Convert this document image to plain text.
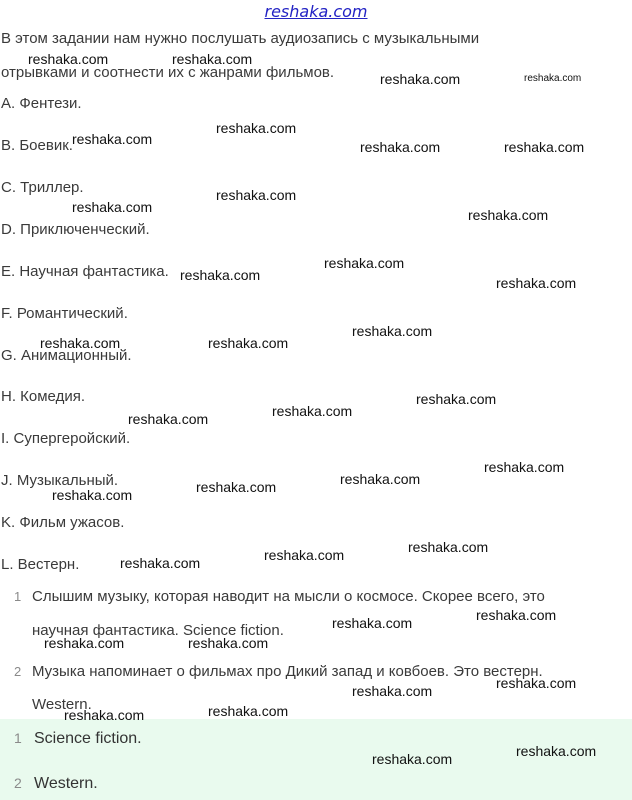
reshaka.com
В этом задании нам нужно послушать аудиозапись с музыкальными
отрывками и соотнести их с жанрами фильмов.
A. Фентези.
B. Боевик.
C. Триллер.
D. Приключенческий.
E. Научная фантастика.
F. Романтический.
G. Анимационный.
H. Комедия.
I. Супергеройский.
J. Музыкальный.
K. Фильм ужасов.
L. Вестерн.
1 Слышим музыку, которая наводит на мысли о космосе. Скорее всего, это
научная фантастика. Science fiction.
2 Музыка напоминает о фильмах про Дикий запад и ковбоев. Это вестерн.
Western.
1 Science fiction.
2 Western.
reshaka.com	reshaka.com
reshaka.com	reshaka.com
reshaka.com
reshaka.com	reshaka.com	reshaka.com
reshaka.com
reshaka.com	reshaka.com
reshaka.com
reshaka.com	reshaka.com
reshaka.com
reshaka.com	reshaka.com
reshaka.com
reshaka.com
reshaka.com
reshaka.com
reshaka.com
reshaka.com
reshaka.com
reshaka.com
reshaka.com
reshaka.com
reshaka.com
reshaka.com
reshaka.com	reshaka.com
reshaka.com
reshaka.com
reshaka.com
reshaka.com
reshaka.com
reshaka.com
